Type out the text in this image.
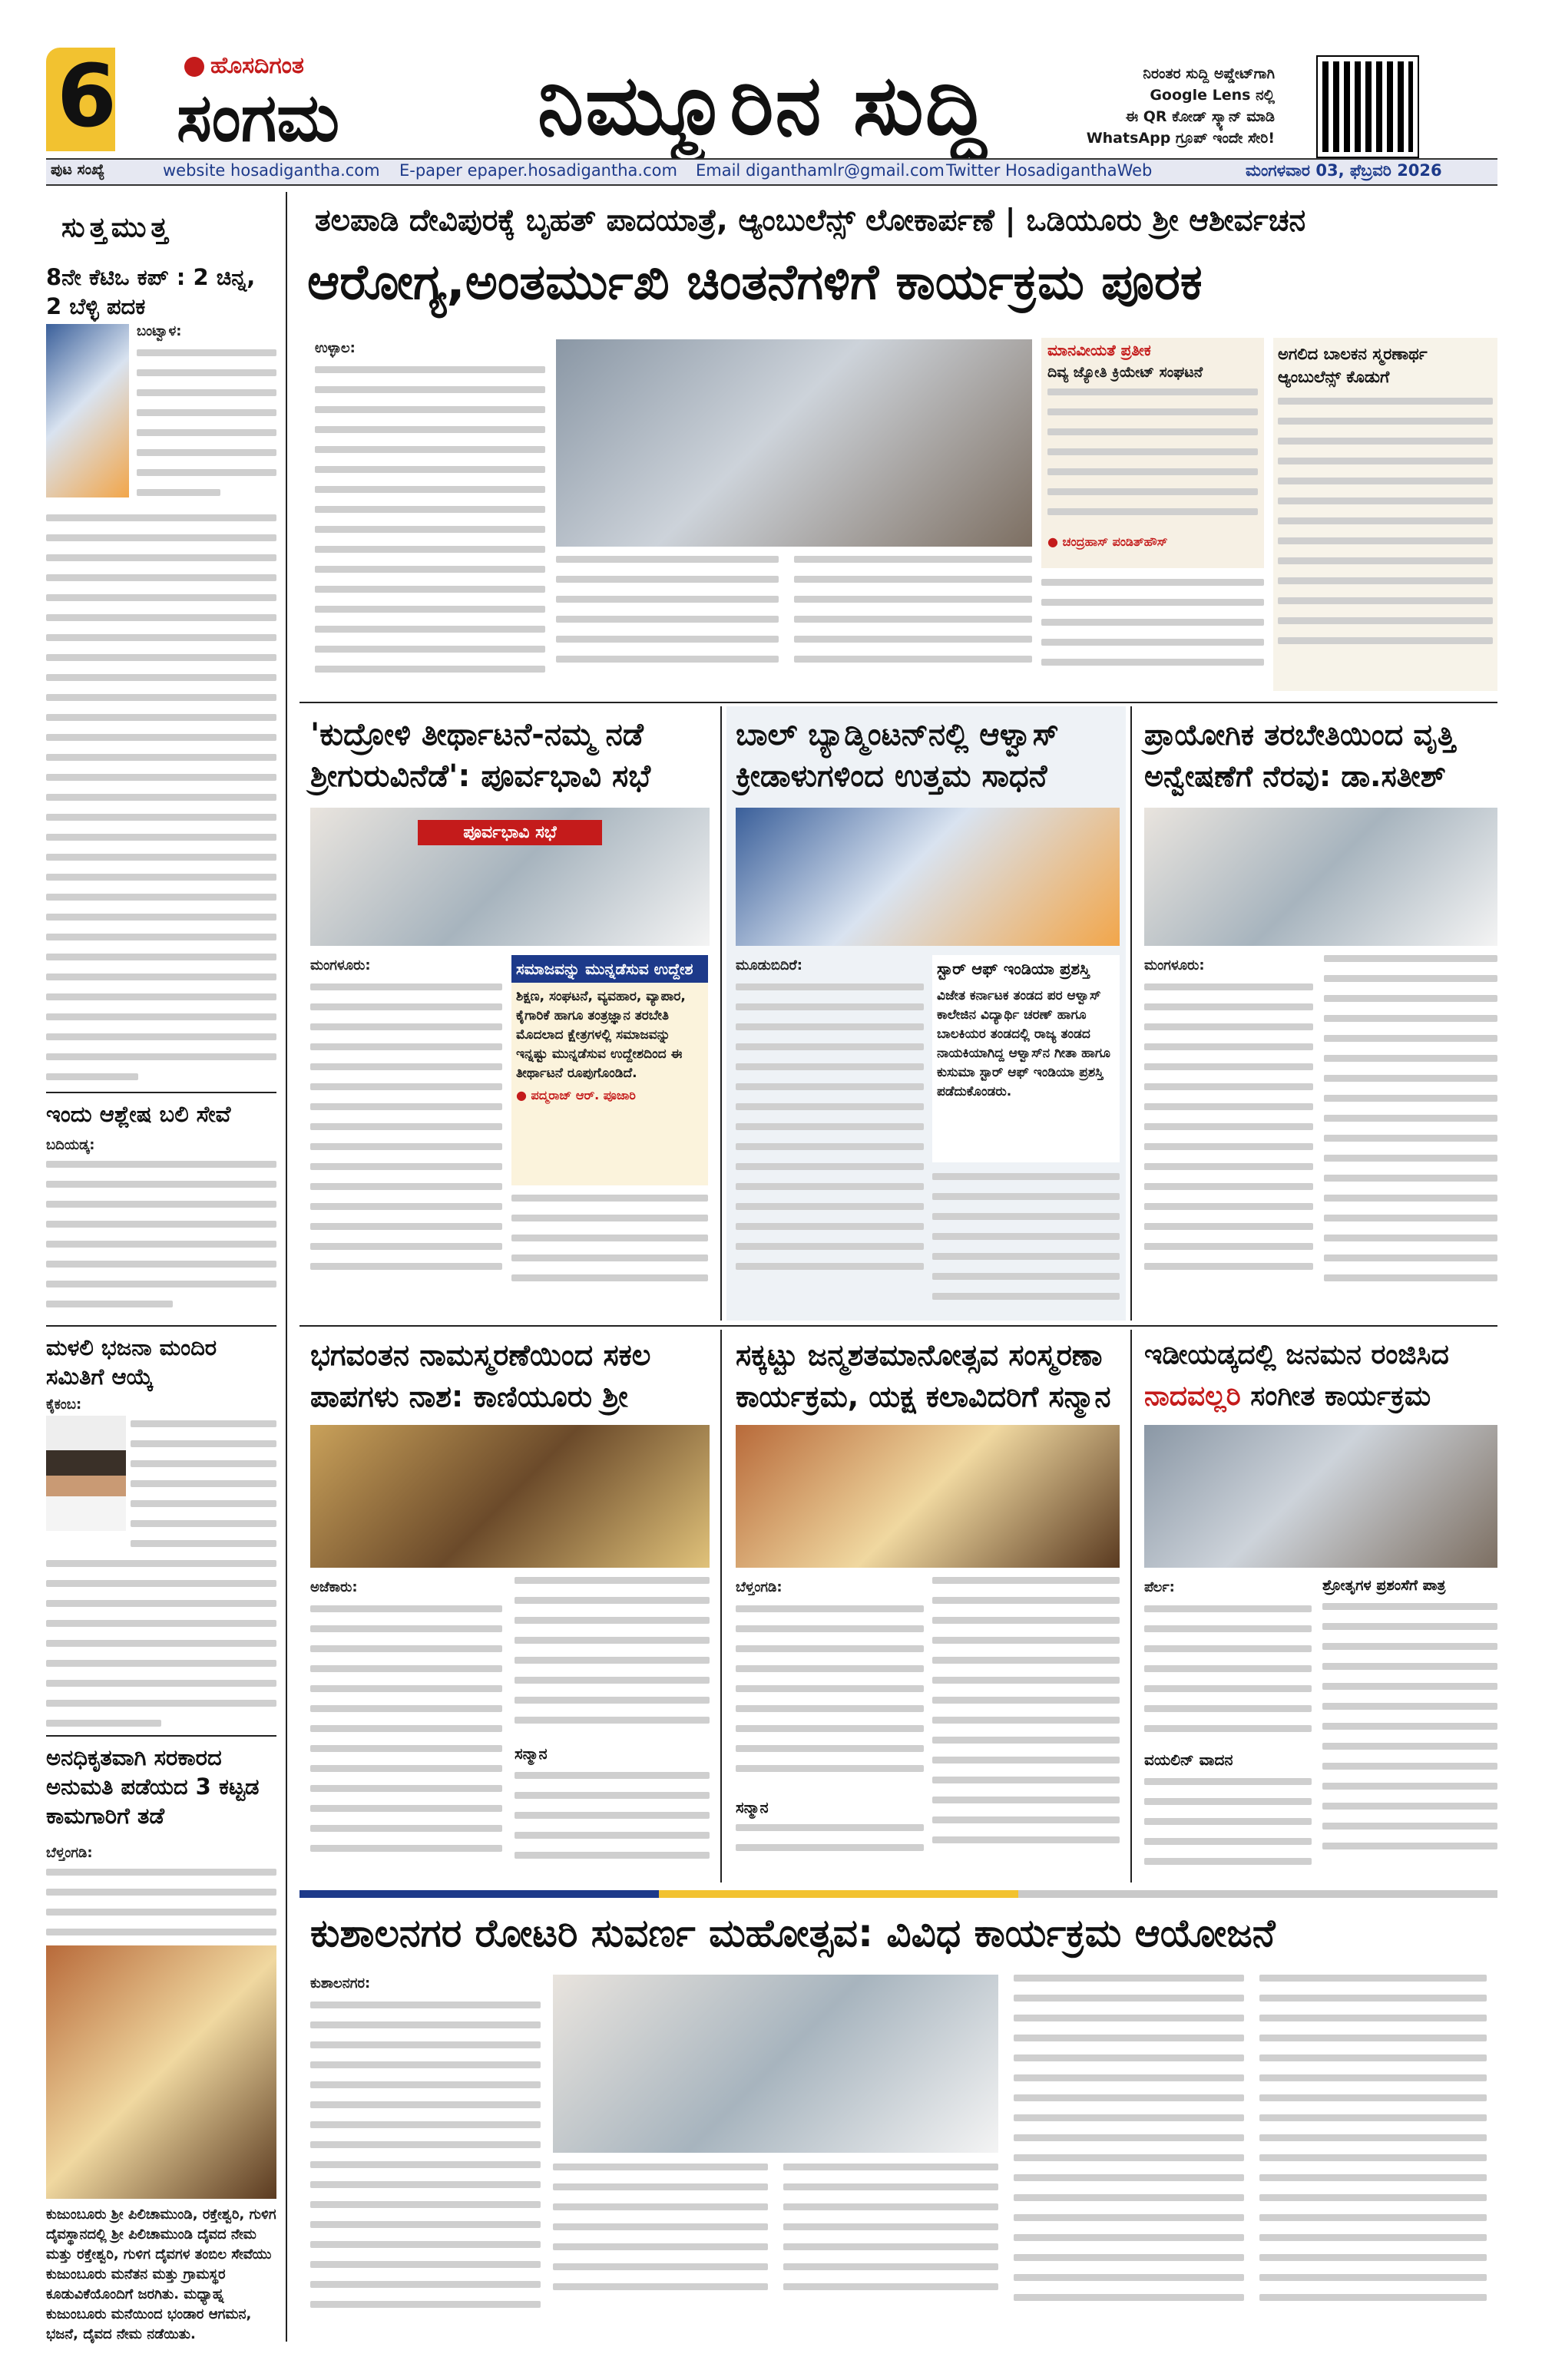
6	ಹೊಸದಿಗಂತ
ಸಂಗಮ ನಿಮ್ಮೂರಿನ ಸುದ್ದಿ	ನಿರಂತರ ಸುದ್ದಿ ಅಪ್ಡೇಟ್‌ಗಾಗಿ
Google Lens ನಲ್ಲಿ
ಈ QR ಕೋಡ್ ಸ್ಕ್ಯಾನ್ ಮಾಡಿ
WhatsApp ಗ್ರೂಪ್ ಇಂದೇ ಸೇರಿ!
ಪುಟ ಸಂಖ್ಯೆ	website hosadigantha.com E-paper epaper.hosadigantha.com Email diganthamlr@gmail.com Twitter HosadiganthaWeb	ಮಂಗಳವಾರ 03, ಫೆಬ್ರವರಿ 2026
ಸುತ್ತಮುತ್ತ
8ನೇ ಕೆಟಿಒ ಕಪ್ : 2 ಚಿನ್ನ, 2 ಬೆಳ್ಳಿ ಪದಕ
ಬಂಟ್ವಾಳ:
ಇಂದು ಆಶ್ಲೇಷ ಬಲಿ ಸೇವೆ
ಬದಿಯಡ್ಕ:
ಮಳಲಿ ಭಜನಾ ಮಂದಿರ ಸಮಿತಿಗೆ ಆಯ್ಕೆ
ಕೈಕಂಬ:
ಅನಧಿಕೃತವಾಗಿ ಸರಕಾರದ ಅನುಮತಿ ಪಡೆಯದ 3 ಕಟ್ಟಡ ಕಾಮಗಾರಿಗೆ ತಡೆ
ಬೆಳ್ತಂಗಡಿ:
ಕುಜುಂಬೂರು ಶ್ರೀ ಪಿಲಿಚಾಮುಂಡಿ, ರಕ್ತೇಶ್ವರಿ, ಗುಳಿಗ ದೈವಸ್ಥಾನದಲ್ಲಿ ಶ್ರೀ ಪಿಲಿಚಾಮುಂಡಿ ದೈವದ ನೇಮ ಮತ್ತು ರಕ್ತೇಶ್ವರಿ, ಗುಳಿಗ ದೈವಗಳ ತಂಬಿಲ ಸೇವೆಯು ಕುಜುಂಬೂರು ಮನೆತನ ಮತ್ತು ಗ್ರಾಮಸ್ಥರ ಕೂಡುವಿಕೆಯೊಂದಿಗೆ ಜರಗಿತು. ಮಧ್ಯಾಹ್ನ ಕುಜುಂಬೂರು ಮನೆಯಿಂದ ಭಂಡಾರ ಆಗಮನ, ಭಜನೆ, ದೈವದ ನೇಮ ನಡೆಯಿತು.
ತಲಪಾಡಿ ದೇವಿಪುರಕ್ಕೆ ಬೃಹತ್ ಪಾದಯಾತ್ರೆ, ಆ್ಯಂಬುಲೆನ್ಸ್ ಲೋಕಾರ್ಪಣೆ | ಒಡಿಯೂರು ಶ್ರೀ ಆಶೀರ್ವಚನ
ಆರೋಗ್ಯ,ಅಂತರ್ಮುಖಿ ಚಿಂತನೆಗಳಿಗೆ ಕಾರ್ಯಕ್ರಮ ಪೂರಕ
ಉಳ್ಳಾಲ:	ಮಾನವೀಯತೆ ಪ್ರತೀಕ
ದಿವ್ಯ ಜ್ಯೋತಿ ಕ್ರಿಯೇಟ್ ಸಂಘಟನೆ
● ಚಂದ್ರಹಾಸ್ ಪಂಡಿತ್‌ಹೌಸ್
ಅಗಲಿದ ಬಾಲಕನ ಸ್ಮರಣಾರ್ಥ ಆ್ಯಂಬುಲೆನ್ಸ್ ಕೊಡುಗೆ
'ಕುದ್ರೋಳಿ ತೀರ್ಥಾಟನೆ-ನಮ್ಮ ನಡೆ ಶ್ರೀಗುರುವಿನೆಡೆ': ಪೂರ್ವಭಾವಿ ಸಭೆ
ಪೂರ್ವಭಾವಿ ಸಭೆ
ಮಂಗಳೂರು:	ಸಮಾಜವನ್ನು ಮುನ್ನಡೆಸುವ ಉದ್ದೇಶ
ಶಿಕ್ಷಣ, ಸಂಘಟನೆ, ವ್ಯವಹಾರ, ವ್ಯಾಪಾರ, ಕೈಗಾರಿಕೆ ಹಾಗೂ ತಂತ್ರಜ್ಞಾನ ತರಬೇತಿ ಮೊದಲಾದ ಕ್ಷೇತ್ರಗಳಲ್ಲಿ ಸಮಾಜವನ್ನು ಇನ್ನಷ್ಟು ಮುನ್ನಡೆಸುವ ಉದ್ದೇಶದಿಂದ ಈ ತೀರ್ಥಾಟನೆ ರೂಪುಗೊಂಡಿದೆ.
● ಪದ್ಮರಾಜ್ ಆರ್. ಪೂಜಾರಿ
ಬಾಲ್ ಬ್ಯಾಡ್ಮಿಂಟನ್‌ನಲ್ಲಿ ಆಳ್ವಾಸ್ ಕ್ರೀಡಾಳುಗಳಿಂದ ಉತ್ತಮ ಸಾಧನೆ
ಮೂಡುಬಿದಿರೆ:	ಸ್ಟಾರ್ ಆಫ್ ಇಂಡಿಯಾ ಪ್ರಶಸ್ತಿ
ವಿಜೇತ ಕರ್ನಾಟಕ ತಂಡದ ಪರ ಆಳ್ವಾಸ್ ಕಾಲೇಜಿನ ವಿದ್ಯಾರ್ಥಿ ಚರಣ್ ಹಾಗೂ ಬಾಲಕಿಯರ ತಂಡದಲ್ಲಿ ರಾಜ್ಯ ತಂಡದ ನಾಯಕಿಯಾಗಿದ್ದ ಆಳ್ವಾಸ್‌ನ ಗೀತಾ ಹಾಗೂ ಕುಸುಮಾ ಸ್ಟಾರ್ ಆಫ್ ಇಂಡಿಯಾ ಪ್ರಶಸ್ತಿ ಪಡೆದುಕೊಂಡರು.
ಪ್ರಾಯೋಗಿಕ ತರಬೇತಿಯಿಂದ ವೃತ್ತಿ ಅನ್ವೇಷಣೆಗೆ ನೆರವು: ಡಾ.ಸತೀಶ್
ಮಂಗಳೂರು:
ಭಗವಂತನ ನಾಮಸ್ಮರಣೆಯಿಂದ ಸಕಲ ಪಾಪಗಳು ನಾಶ: ಕಾಣಿಯೂರು ಶ್ರೀ
ಅಜೆಕಾರು:
ಸನ್ಮಾನ
ಸಕ್ಕಟ್ಟು ಜನ್ಮಶತಮಾನೋತ್ಸವ ಸಂಸ್ಮರಣಾ ಕಾರ್ಯಕ್ರಮ, ಯಕ್ಷ ಕಲಾವಿದರಿಗೆ ಸನ್ಮಾನ
ಬೆಳ್ತಂಗಡಿ:
ಸನ್ಮಾನ
ಇಡೀಯಡ್ಕದಲ್ಲಿ ಜನಮನ ರಂಜಿಸಿದ
ನಾದವಲ್ಲರಿ ಸಂಗೀತ ಕಾರ್ಯಕ್ರಮ
ಪೆರ್ಲ:
ವಯಲಿನ್ ವಾದನ
ಶ್ರೋತೃಗಳ ಪ್ರಶಂಸೆಗೆ ಪಾತ್ರ
ಕುಶಾಲನಗರ ರೋಟರಿ ಸುವರ್ಣ ಮಹೋತ್ಸವ: ವಿವಿಧ ಕಾರ್ಯಕ್ರಮ ಆಯೋಜನೆ
ಕುಶಾಲನಗರ:
